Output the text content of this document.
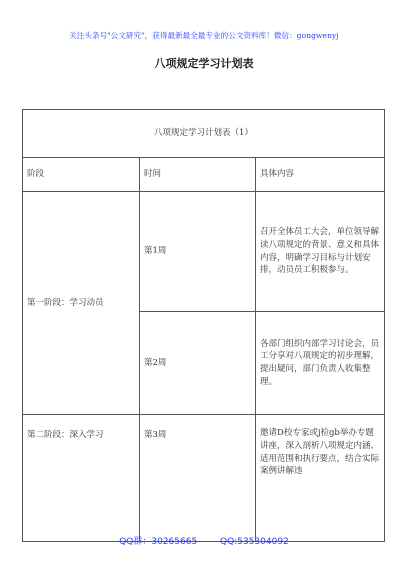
关注头条号"公文研究"，获得最新最全最专业的公文资料库！微信：gongwenyj
八项规定学习计划表
八项规定学习计划表（1）		
阶段	时间	具体内容
第一阶段：学习动员	第1周	召开全体员工大会，单位领导解读八项规定的背景、意义和具体内容，明确学习目标与计划安排，动员员工积极参与。

	第2周	各部门组织内部学习讨论会，员工分享对八项规定的初步理解，提出疑问，部门负责人收集整理。

第二阶段：深入学习	第3周	邀请D校专家或j检gb举办专题讲座，深入剖析八项规定内涵、适用范围和执行要点，结合实际案例讲解违
QQ群：30265665	QQ:535304092
